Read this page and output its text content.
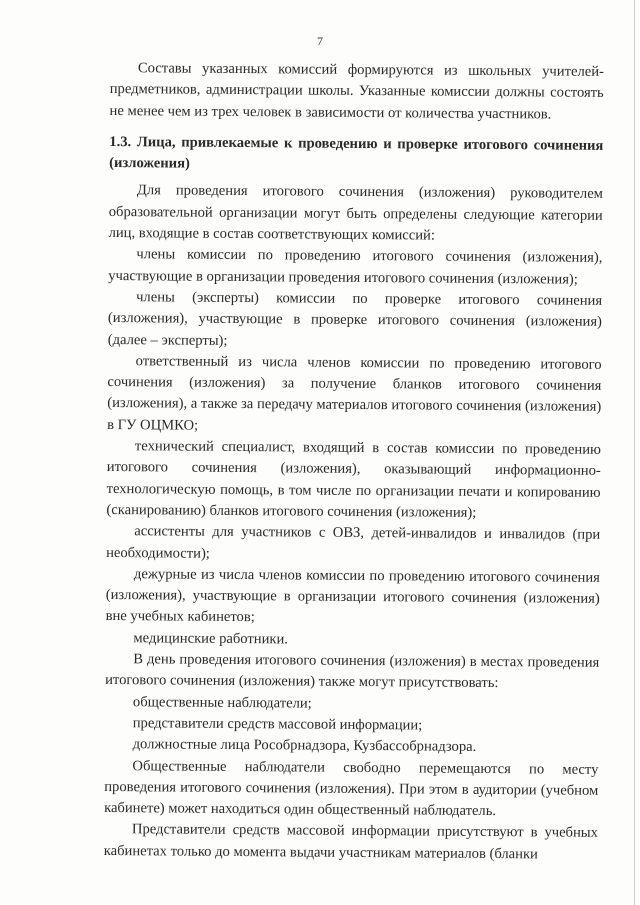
7

Составы указанных комиссий формируются из школьных учителей-предметников, администрации школы. Указанные комиссии должны состоять не менее чем из трех человек в зависимости от количества участников.

1.3. Лица, привлекаемые к проведению и проверке итогового сочинения (изложения)

Для проведения итогового сочинения (изложения) руководителем образовательной организации могут быть определены следующие категории лиц, входящие в состав соответствующих комиссий:

члены комиссии по проведению итогового сочинения (изложения), участвующие в организации проведения итогового сочинения (изложения);

члены (эксперты) комиссии по проверке итогового сочинения (изложения), участвующие в проверке итогового сочинения (изложения) (далее – эксперты);

ответственный из числа членов комиссии по проведению итогового сочинения (изложения) за получение бланков итогового сочинения (изложения), а также за передачу материалов итогового сочинения (изложения) в ГУ ОЦМКО;

технический специалист, входящий в состав комиссии по проведению итогового сочинения (изложения), оказывающий информационно-технологическую помощь, в том числе по организации печати и копированию (сканированию) бланков итогового сочинения (изложения);

ассистенты для участников с ОВЗ, детей-инвалидов и инвалидов (при необходимости);

дежурные из числа членов комиссии по проведению итогового сочинения (изложения), участвующие в организации итогового сочинения (изложения) вне учебных кабинетов;

медицинские работники.

В день проведения итогового сочинения (изложения) в местах проведения итогового сочинения (изложения) также могут присутствовать:

общественные наблюдатели;

представители средств массовой информации;

должностные лица Рособрнадзора, Кузбассобрнадзора.

Общественные наблюдатели свободно перемещаются по месту проведения итогового сочинения (изложения). При этом в аудитории (учебном кабинете) может находиться один общественный наблюдатель.

Представители средств массовой информации присутствуют в учебных кабинетах только до момента выдачи участникам материалов (бланки
